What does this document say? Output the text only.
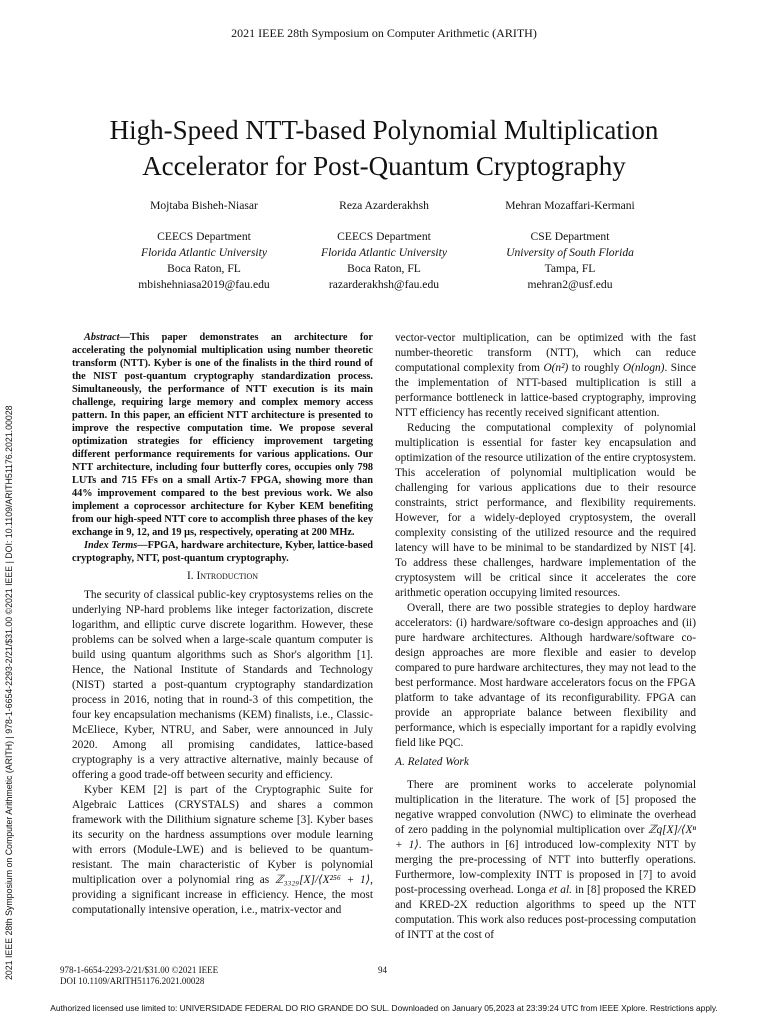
2021 IEEE 28th Symposium on Computer Arithmetic (ARITH)
High-Speed NTT-based Polynomial Multiplication
Accelerator for Post-Quantum Cryptography
Mojtaba Bisheh-Niasar
CEECS Department
Florida Atlantic University
Boca Raton, FL
mbishehniasa2019@fau.edu
Reza Azarderakhsh
CEECS Department
Florida Atlantic University
Boca Raton, FL
razarderakhsh@fau.edu
Mehran Mozaffari-Kermani
CSE Department
University of South Florida
Tampa, FL
mehran2@usf.edu
2021 IEEE 28th Symposium on Computer Arithmetic (ARITH) | 978-1-6654-2293-2/21/$31.00 ©2021 IEEE | DOI: 10.1109/ARITH51176.2021.00028

Abstract—This paper demonstrates an architecture for accelerating the polynomial multiplication using number theoretic transform (NTT). Kyber is one of the finalists in the third round of the NIST post-quantum cryptography standardization process. Simultaneously, the performance of NTT execution is its main challenge, requiring large memory and complex memory access pattern. In this paper, an efficient NTT architecture is presented to improve the respective computation time. We propose several optimization strategies for efficiency improvement targeting different performance requirements for various applications. Our NTT architecture, including four butterfly cores, occupies only 798 LUTs and 715 FFs on a small Artix-7 FPGA, showing more than 44% improvement compared to the best previous work. We also implement a coprocessor architecture for Kyber KEM benefiting from our high-speed NTT core to accomplish three phases of the key exchange in 9, 12, and 19 μs, respectively, operating at 200 MHz.

Index Terms—FPGA, hardware architecture, Kyber, lattice-based cryptography, NTT, post-quantum cryptography.

I. Introduction

The security of classical public-key cryptosystems relies on the underlying NP-hard problems like integer factorization, discrete logarithm, and elliptic curve discrete logarithm. However, these problems can be solved when a large-scale quantum computer is build using quantum algorithms such as Shor's algorithm [1]. Hence, the National Institute of Standards and Technology (NIST) started a post-quantum cryptography standardization process in 2016, noting that in round-3 of this competition, the four key encapsulation mechanisms (KEM) finalists, i.e., Classic-McEliece, Kyber, NTRU, and Saber, were announced in July 2020. Among all promising candidates, lattice-based cryptography is a very attractive alternative, mainly because of offering a good trade-off between security and efficiency.

Kyber KEM [2] is part of the Cryptographic Suite for Algebraic Lattices (CRYSTALS) and shares a common framework with the Dilithium signature scheme [3]. Kyber bases its security on the hardness assumptions over module learning with errors (Module-LWE) and is believed to be quantum-resistant. The main characteristic of Kyber is polynomial multiplication over a polynomial ring as ℤ₃₃₂₉[X]/⟨X²⁵⁶ + 1⟩, providing a significant increase in efficiency. Hence, the most computationally intensive operation, i.e., matrix-vector and

vector-vector multiplication, can be optimized with the fast number-theoretic transform (NTT), which can reduce computational complexity from O(n²) to roughly O(nlogn). Since the implementation of NTT-based multiplication is still a performance bottleneck in lattice-based cryptography, improving NTT efficiency has recently received significant attention.

Reducing the computational complexity of polynomial multiplication is essential for faster key encapsulation and optimization of the resource utilization of the entire cryptosystem. This acceleration of polynomial multiplication would be challenging for various applications due to their resource constraints, strict performance, and flexibility requirements. However, for a widely-deployed cryptosystem, the overall complexity consisting of the utilized resource and the required latency will have to be minimal to be standardized by NIST [4]. To address these challenges, hardware implementation of the cryptosystem will be critical since it accelerates the core arithmetic operation occupying limited resources.

Overall, there are two possible strategies to deploy hardware accelerators: (i) hardware/software co-design approaches and (ii) pure hardware architectures. Although hardware/software co-design approaches are more flexible and easier to develop compared to pure hardware architectures, they may not lead to the best performance. Most hardware accelerators focus on the FPGA platform to take advantage of its reconfigurability. FPGA can provide an appropriate balance between flexibility and performance, which is especially important for a rapidly evolving field like PQC.

A. Related Work

There are prominent works to accelerate polynomial multiplication in the literature. The work of [5] proposed the negative wrapped convolution (NWC) to eliminate the overhead of zero padding in the polynomial multiplication over ℤq[X]/⟨Xⁿ + 1⟩. The authors in [6] introduced low-complexity NTT by merging the pre-processing of NTT into butterfly operations. Furthermore, low-complexity INTT is proposed in [7] to avoid post-processing overhead. Longa et al. in [8] proposed the KRED and KRED-2X reduction algorithms to speed up the NTT computation. This work also reduces post-processing computation of INTT at the cost of

978-1-6654-2293-2/21/$31.00 ©2021 IEEE
DOI 10.1109/ARITH51176.2021.00028
94
Authorized licensed use limited to: UNIVERSIDADE FEDERAL DO RIO GRANDE DO SUL. Downloaded on January 05,2023 at 23:39:24 UTC from IEEE Xplore. Restrictions apply.
